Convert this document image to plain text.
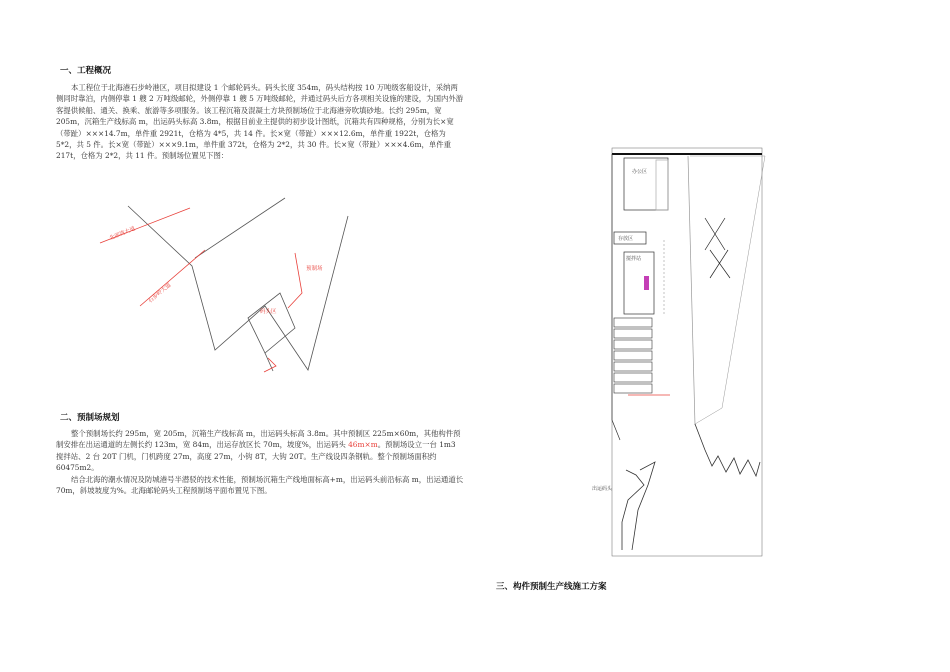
一、工程概况

本工程位于北海港石步岭港区，项目拟建设 1 个邮轮码头。码头长度 354m，码头结构按 10 万吨级客船设计，采纳两侧同时靠泊，内侧停靠 1 艘 2 万吨级邮轮，外侧停靠 1 艘 5 万吨级邮轮，并通过码头后方各项相关设施的建设，为国内外游客提供候船、通关、换乘、旅游等多项服务。该工程沉箱及混凝土方块预制场位于北海港旁吹填砂地。长约 295m，宽 205m，沉箱生产线标高 m，出运码头标高 3.8m，根据目前业主提供的初步设计图纸，沉箱共有四种规格，分别为长×宽（带趾）×××14.7m，单件重 2921t，仓格为 4*5，共 14 件。长×宽（带趾）×××12.6m，单件重 1922t，仓格为 5*2，共 5 件。长×宽（带趾）×××9.1m，单件重 372t，仓格为 2*2，共 30 件。长×宽（带趾）×××4.6m，单件重 217t，仓格为 2*2，共 11 件。预制场位置见下图：

北部湾大道
石步岭大道
预制场
码头区
二、预制场规划

整个预制场长约 295m，宽 205m，沉箱生产线标高 m，出运码头标高 3.8m。其中预制区 225m×60m，其他构件预制安排在出运通道的左侧长约 123m，宽 84m，出运存放区长 70m，坡度%，出运码头 46m×m。预制场设立一台 1m3 搅拌站、2 台 20T 门机，门机跨度 27m，高度 27m，小钩 8T，大钩 20T。生产线设四条钢轨。整个预制场面积约 60475m2。

结合北海的潮水情况及防城港号半潜驳的技术性能，预制场沉箱生产线地面标高+m，出运码头前沿标高 m，出运通道长 70m，斜坡坡度为%。北海邮轮码头工程预制场平面布置见下图。

办公区
存放区
搅拌站
出运码头
三、构件预制生产线施工方案
